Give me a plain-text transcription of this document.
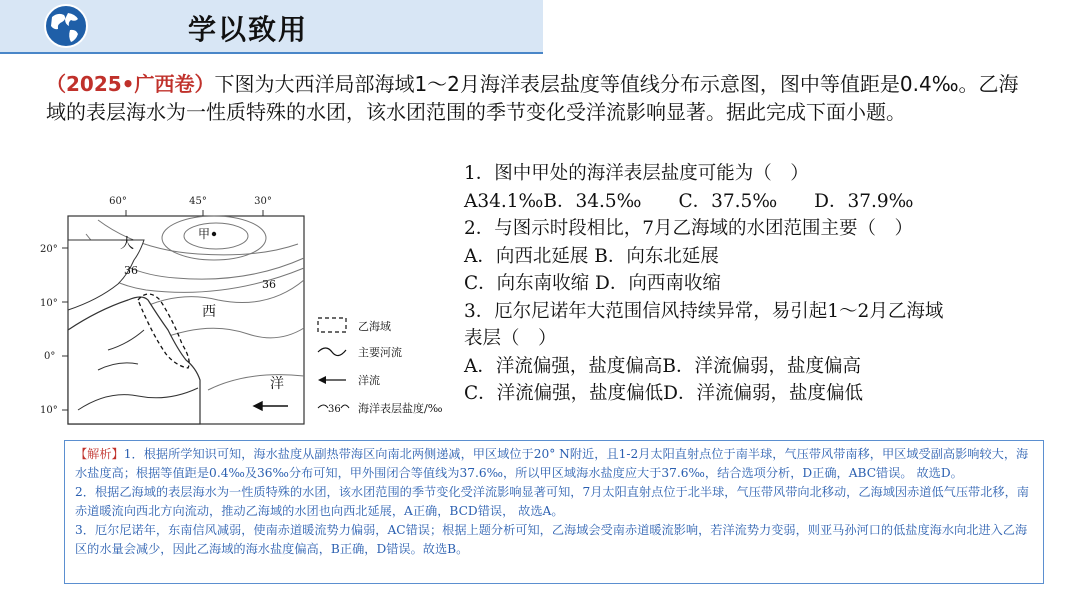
学以致用
（2025•广西卷）下图为大西洋局部海域1～2月海洋表层盐度等值线分布示意图，图中等值距是0.4‰。乙海域的表层海水为一性质特殊的水团，该水团范围的季节变化受洋流影响显著。据此完成下面小题。
60°	45°	30°
20°
10°
0°
10°
甲
大
西
洋
36
36
乙海域
主要河流
洋流
36 海洋表层盐度/‰
1．图中甲处的海洋表层盐度可能为（　）
A34.1‰B．34.5‰　　C．37.5‰　　D．37.9‰
2．与图示时段相比，7月乙海域的水团范围主要（　）
A．向西北延展 B．向东北延展
C．向东南收缩 D．向西南收缩
3．厄尔尼诺年大范围信风持续异常，易引起1～2月乙海域
表层（　）
A．洋流偏强，盐度偏高B．洋流偏弱，盐度偏高
C．洋流偏强，盐度偏低D．洋流偏弱，盐度偏低
【解析】1．根据所学知识可知，海水盐度从副热带海区向南北两侧递减，甲区域位于20° N附近，且1-2月太阳直射点位于南半球，气压带风带南移，甲区域受副高影响较大，海水盐度高；根据等值距是0.4‰及36‰分布可知，甲外围闭合等值线为37.6‰，所以甲区域海水盐度应大于37.6‰，结合选项分析，D正确，ABC错误。 故选D。
2．根据乙海域的表层海水为一性质特殊的水团，该水团范围的季节变化受洋流影响显著可知，7月太阳直射点位于北半球，气压带风带向北移动，乙海域因赤道低气压带北移，南赤道暖流向西北方向流动，推动乙海域的水团也向西北延展，A正确，BCD错误， 故选A。
3．厄尔尼诺年，东南信风减弱，使南赤道暖流势力偏弱，AC错误；根据上题分析可知，乙海域会受南赤道暖流影响，若洋流势力变弱，则亚马孙河口的低盐度海水向北进入乙海区的水量会减少，因此乙海域的海水盐度偏高，B正确，D错误。故选B。
